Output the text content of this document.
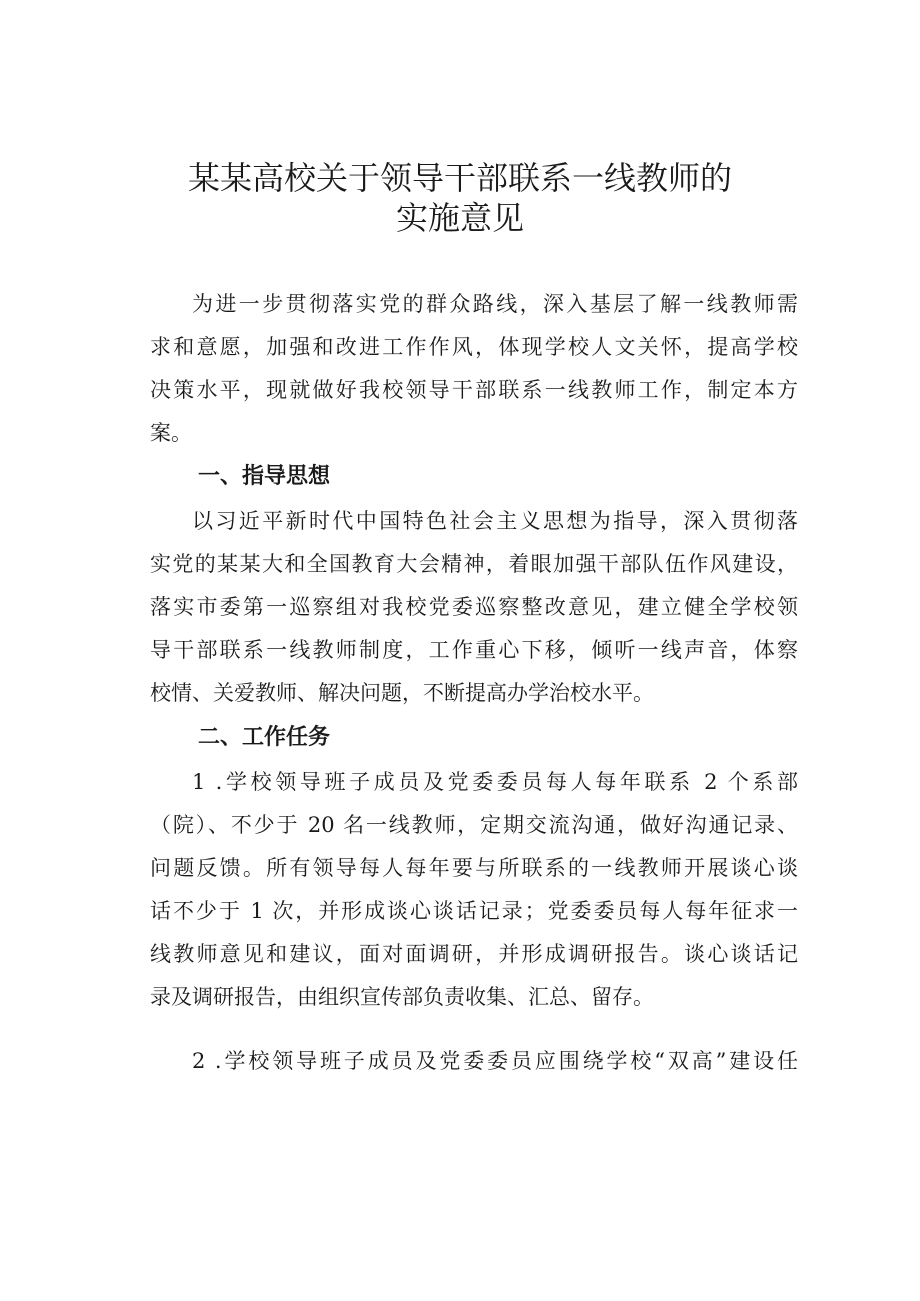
某某高校关于领导干部联系一线教师的
实施意见
为进一步贯彻落实党的群众路线，深入基层了解一线教师需
求和意愿，加强和改进工作作风，体现学校人文关怀，提高学校
决策水平，现就做好我校领导干部联系一线教师工作，制定本方
案。
一、指导思想
以习近平新时代中国特色社会主义思想为指导，深入贯彻落
实党的某某大和全国教育大会精神，着眼加强干部队伍作风建设，
落实市委第一巡察组对我校党委巡察整改意见，建立健全学校领
导干部联系一线教师制度，工作重心下移，倾听一线声音，体察
校情、关爱教师、解决问题，不断提高办学治校水平。
二、工作任务
1 .学校领导班子成员及党委委员每人每年联系 2 个系部
（院）、不少于 20 名一线教师，定期交流沟通，做好沟通记录、
问题反馈。所有领导每人每年要与所联系的一线教师开展谈心谈
话不少于 1 次，并形成谈心谈话记录；党委委员每人每年征求一
线教师意见和建议，面对面调研，并形成调研报告。谈心谈话记
录及调研报告，由组织宣传部负责收集、汇总、留存。
2 .学校领导班子成员及党委委员应围绕学校“双高”建设任
